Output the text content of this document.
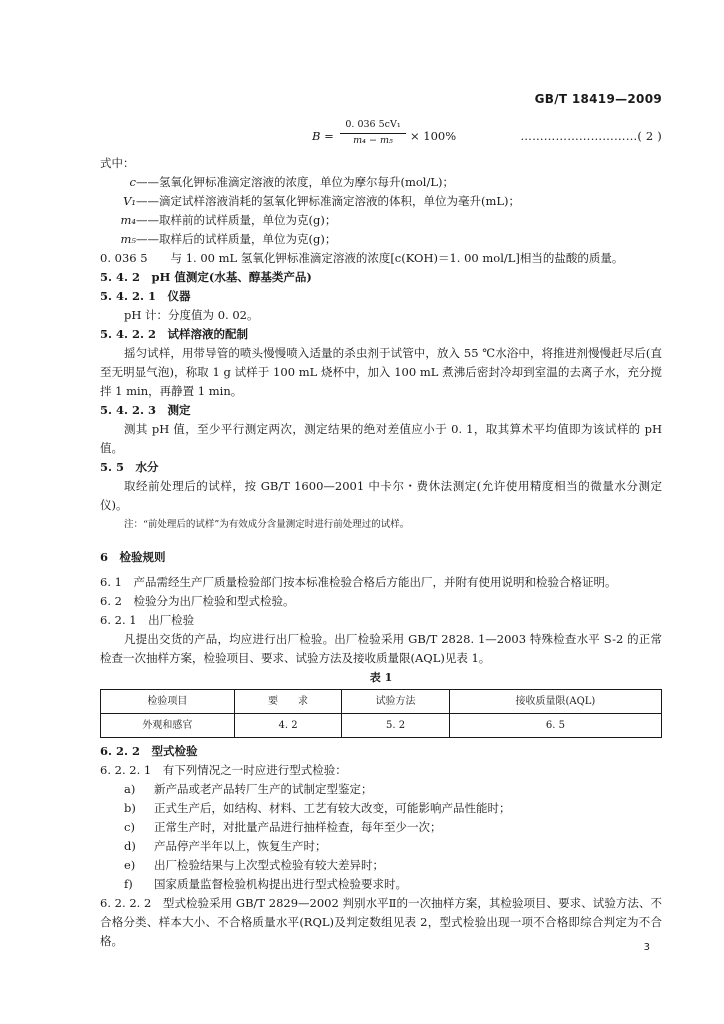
GB/T 18419—2009
$B = \frac{\text{0. 036 5cV₁}}{\text{m₄ − m₅}} \times 100\%$	…………………………( 2 )
式中：
c——氢氧化钾标准滴定溶液的浓度，单位为摩尔每升(mol/L)；
V₁——滴定试样溶液消耗的氢氧化钾标准滴定溶液的体积，单位为毫升(mL)；
m₄——取样前的试样质量，单位为克(g)；
m₅——取样后的试样质量，单位为克(g)；
0. 036 5　　与 1. 00 mL 氢氧化钾标准滴定溶液的浓度[c(KOH)＝1. 00 mol/L]相当的盐酸的质量。
5. 4. 2　pH 值测定(水基、醇基类产品)
5. 4. 2. 1　仪器
pH 计：分度值为 0. 02。
5. 4. 2. 2　试样溶液的配制
摇匀试样，用带导管的喷头慢慢喷入适量的杀虫剂于试管中，放入 55 ℃水浴中，将推进剂慢慢赶尽后(直至无明显气泡)，称取 1 g 试样于 100 mL 烧杯中，加入 100 mL 煮沸后密封冷却到室温的去离子水，充分搅拌 1 min，再静置 1 min。
5. 4. 2. 3　测定
测其 pH 值，至少平行测定两次，测定结果的绝对差值应小于 0. 1，取其算术平均值即为该试样的 pH 值。
5. 5　水分
取经前处理后的试样，按 GB/T 1600—2001 中卡尔・费休法测定(允许使用精度相当的微量水分测定仪)。
注：“前处理后的试样”为有效成分含量测定时进行前处理过的试样。
6　检验规则
6. 1　产品需经生产厂质量检验部门按本标准检验合格后方能出厂，并附有使用说明和检验合格证明。
6. 2　检验分为出厂检验和型式检验。
6. 2. 1　出厂检验
凡提出交货的产品，均应进行出厂检验。出厂检验采用 GB/T 2828. 1—2003 特殊检查水平 S-2 的正常检查一次抽样方案，检验项目、要求、试验方法及接收质量限(AQL)见表 1。
表 1
检验项目	要　　求	试验方法	接收质量限(AQL)
外观和感官	4. 2	5. 2	6. 5
6. 2. 2　型式检验
6. 2. 2. 1　有下列情况之一时应进行型式检验：
a) 新产品或老产品转厂生产的试制定型鉴定；
b) 正式生产后，如结构、材料、工艺有较大改变，可能影响产品性能时；
c) 正常生产时，对批量产品进行抽样检查，每年至少一次；
d) 产品停产半年以上，恢复生产时；
e) 出厂检验结果与上次型式检验有较大差异时；
f) 国家质量监督检验机构提出进行型式检验要求时。
6. 2. 2. 2　型式检验采用 GB/T 2829—2002 判别水平Ⅱ的一次抽样方案，其检验项目、要求、试验方法、不合格分类、样本大小、不合格质量水平(RQL)及判定数组见表 2，型式检验出现一项不合格即综合判定为不合格。	3
